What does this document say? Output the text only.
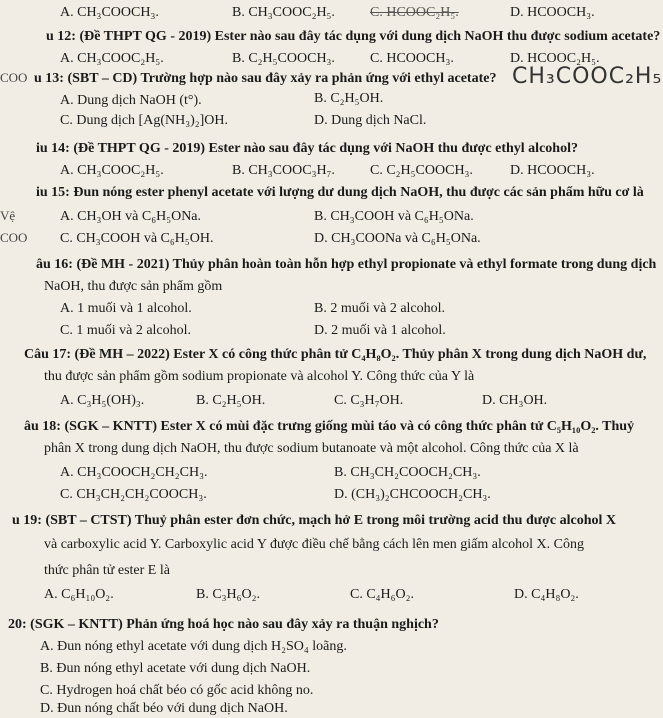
A. CH₃COOCH₃.	B. CH₃COOC₂H₅.	C. HCOOC₂H₅.	D. HCOOCH₃.
u 12: (Đề THPT QG - 2019) Ester nào sau đây tác dụng với dung dịch NaOH thu được sodium acetate?
A. CH₃COOC₂H₅.	B. C₂H₅COOCH₃.	C. HCOOCH₃.	D. HCOOC₂H₅.
COO u 13: (SBT – CD) Trường hợp nào sau đây xảy ra phản ứng với ethyl acetate? CH₃COOC₂H₅
A. Dung dịch NaOH (t°).	B. C₂H₅OH.
C. Dung dịch [Ag(NH₃)₂]OH.	D. Dung dịch NaCl.
iu 14: (Đề THPT QG - 2019) Ester nào sau đây tác dụng với NaOH thu được ethyl alcohol?
A. CH₃COOC₂H₅.	B. CH₃COOC₃H₇.	C. C₂H₅COOCH₃.	D. HCOOCH₃.
iu 15: Đun nóng ester phenyl acetate với lượng dư dung dịch NaOH, thu được các sản phẩm hữu cơ là
Vệ
COO
A. CH₃OH và C₆H₅ONa.	B. CH₃COOH và C₆H₅ONa.
C. CH₃COOH và C₆H₅OH.	D. CH₃COONa và C₆H₅ONa.
âu 16: (Đề MH - 2021) Thủy phân hoàn toàn hỗn hợp ethyl propionate và ethyl formate trong dung dịch
NaOH, thu được sản phẩm gồm
A. 1 muối và 1 alcohol.	B. 2 muối và 2 alcohol.
C. 1 muối và 2 alcohol.	D. 2 muối và 1 alcohol.
Câu 17: (Đề MH – 2022) Ester X có công thức phân tử C₄H₈O₂. Thủy phân X trong dung dịch NaOH dư,
thu được sản phẩm gồm sodium propionate và alcohol Y. Công thức của Y là
A. C₃H₅(OH)₃.	B. C₂H₅OH.	C. C₃H₇OH.	D. CH₃OH.
âu 18: (SGK – KNTT) Ester X có mùi đặc trưng giống mùi táo và có công thức phân tử C₅H₁₀O₂. Thuỷ
phân X trong dung dịch NaOH, thu được sodium butanoate và một alcohol. Công thức của X là
A. CH₃COOCH₂CH₂CH₃.	B. CH₃CH₂COOCH₂CH₃.
C. CH₃CH₂CH₂COOCH₃.	D. (CH₃)₂CHCOOCH₂CH₃.
u 19: (SBT – CTST) Thuỷ phân ester đơn chức, mạch hở E trong môi trường acid thu được alcohol X
và carboxylic acid Y. Carboxylic acid Y được điều chế bằng cách lên men giấm alcohol X. Công
thức phân tử ester E là
A. C₆H₁₀O₂.	B. C₃H₆O₂.	C. C₄H₆O₂.	D. C₄H₈O₂.
20: (SGK – KNTT) Phản ứng hoá học nào sau đây xảy ra thuận nghịch?
A. Đun nóng ethyl acetate với dung dịch H₂SO₄ loãng.
B. Đun nóng ethyl acetate với dung dịch NaOH.
C. Hydrogen hoá chất béo có gốc acid không no.
D. Đun nóng chất béo với dung dịch NaOH.
